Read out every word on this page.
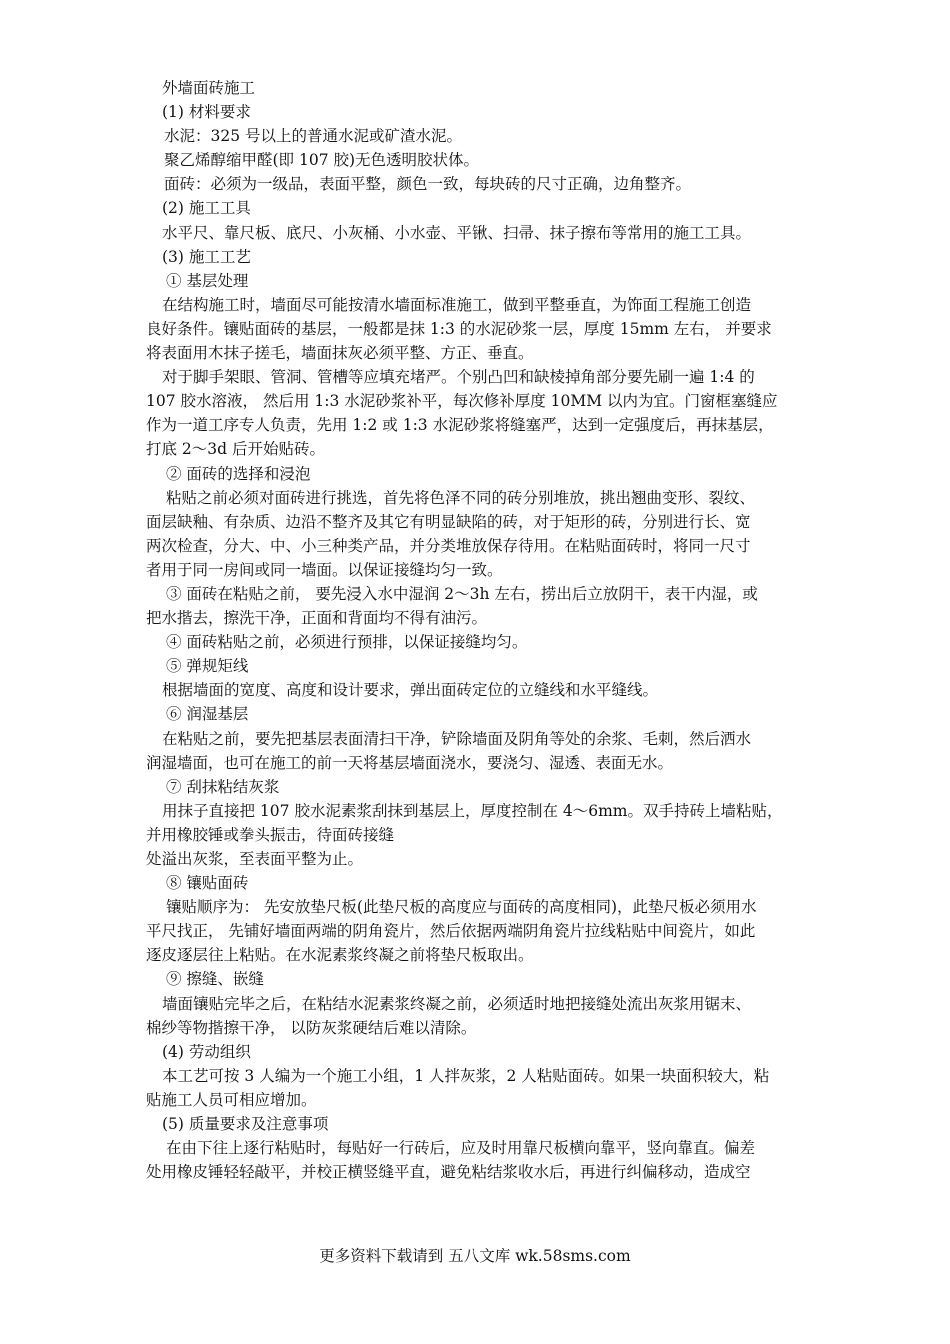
外墙面砖施工

(1) 材料要求

水泥：325 号以上的普通水泥或矿渣水泥。

聚乙烯醇缩甲醛(即 107 胶)无色透明胶状体。

面砖：必须为一级品，表面平整，颜色一致，每块砖的尺寸正确，边角整齐。

(2) 施工工具

水平尺、靠尺板、底尺、小灰桶、小水壶、平锹、扫帚、抹子擦布等常用的施工工具。

(3) 施工工艺

① 基层处理

在结构施工时，墙面尽可能按清水墙面标准施工，做到平整垂直，为饰面工程施工创造

良好条件。镶贴面砖的基层，一般都是抹 1:3 的水泥砂浆一层，厚度 15mm 左右， 并要求

将表面用木抹子搓毛，墙面抹灰必须平整、方正、垂直。

对于脚手架眼、管洞、管槽等应填充堵严。个别凸凹和缺棱掉角部分要先刷一遍 1:4 的

107 胶水溶液， 然后用 1:3 水泥砂浆补平，每次修补厚度 10MM 以内为宜。门窗框塞缝应

作为一道工序专人负责，先用 1:2 或 1:3 水泥砂浆将缝塞严，达到一定强度后，再抹基层，

打底 2～3d 后开始贴砖。

② 面砖的选择和浸泡

粘贴之前必须对面砖进行挑选，首先将色泽不同的砖分别堆放，挑出翘曲变形、裂纹、

面层缺釉、有杂质、边沿不整齐及其它有明显缺陷的砖，对于矩形的砖，分别进行长、宽

两次检查，分大、中、小三种类产品，并分类堆放保存待用。在粘贴面砖时，将同一尺寸

者用于同一房间或同一墙面。以保证接缝均匀一致。

③ 面砖在粘贴之前， 要先浸入水中湿润 2～3h 左右，捞出后立放阴干，表干内湿，或

把水揩去，擦洗干净，正面和背面均不得有油污。

④ 面砖粘贴之前，必须进行预排，以保证接缝均匀。

⑤ 弹规矩线

根据墙面的宽度、高度和设计要求，弹出面砖定位的立缝线和水平缝线。

⑥ 润湿基层

在粘贴之前，要先把基层表面清扫干净，铲除墙面及阴角等处的余浆、毛刺，然后洒水

润湿墙面，也可在施工的前一天将基层墙面浇水，要浇匀、湿透、表面无水。

⑦ 刮抹粘结灰浆

用抹子直接把 107 胶水泥素浆刮抹到基层上，厚度控制在 4～6mm。双手持砖上墙粘贴，

并用橡胶锤或拳头振击，待面砖接缝

处溢出灰浆，至表面平整为止。

⑧ 镶贴面砖

镶贴顺序为： 先安放垫尺板(此垫尺板的高度应与面砖的高度相同)，此垫尺板必须用水

平尺找正， 先铺好墙面两端的阴角瓷片，然后依据两端阴角瓷片拉线粘贴中间瓷片，如此

逐皮逐层往上粘贴。在水泥素浆终凝之前将垫尺板取出。

⑨ 擦缝、嵌缝

墙面镶贴完毕之后，在粘结水泥素浆终凝之前，必须适时地把接缝处流出灰浆用锯末、

棉纱等物揩擦干净， 以防灰浆硬结后难以清除。

(4) 劳动组织

本工艺可按 3 人编为一个施工小组，1 人拌灰浆，2 人粘贴面砖。如果一块面积较大，粘

贴施工人员可相应增加。

(5) 质量要求及注意事项

在由下往上逐行粘贴时，每贴好一行砖后，应及时用靠尺板横向靠平，竖向靠直。偏差

处用橡皮锤轻轻敲平，并校正横竖缝平直，避免粘结浆收水后，再进行纠偏移动，造成空

更多资料下载请到 五八文库 wk.58sms.com
